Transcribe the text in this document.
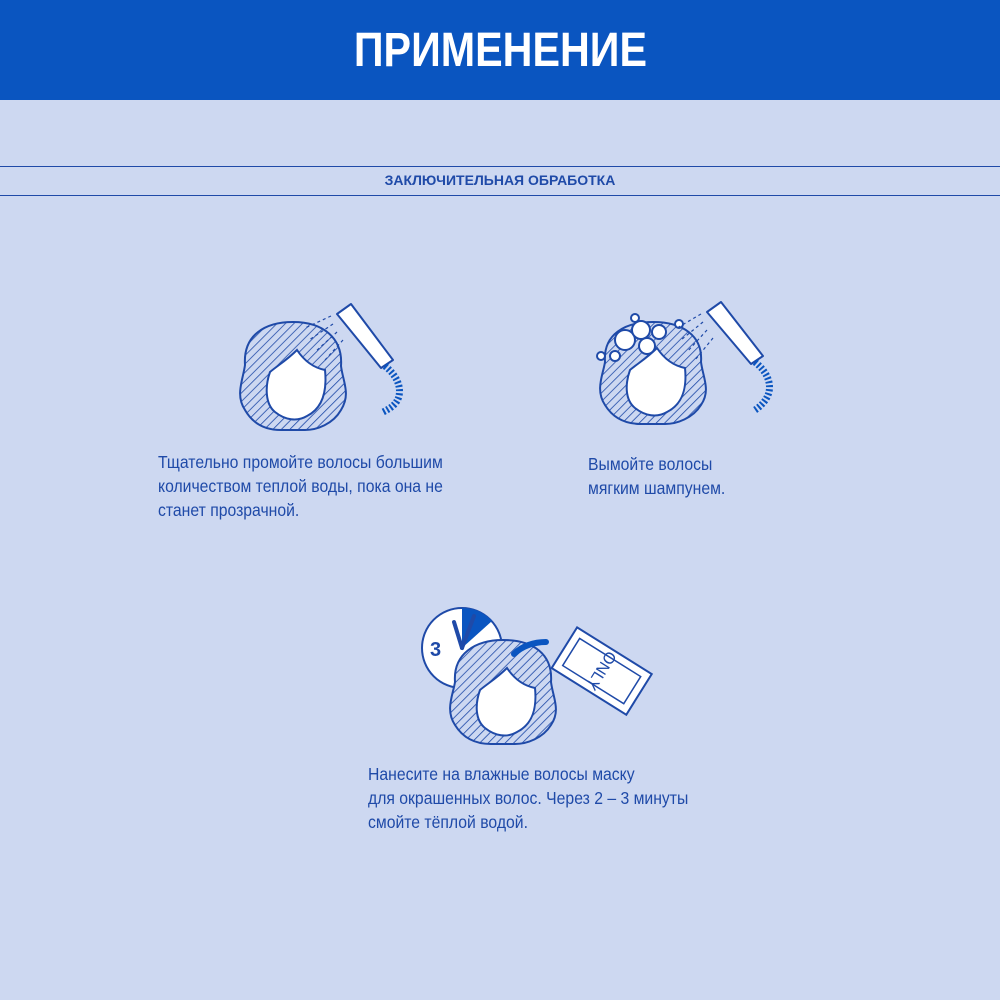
ПРИМЕНЕНИЕ
ЗАКЛЮЧИТЕЛЬНАЯ ОБРАБОТКА
Тщательно промойте волосы большим
количеством теплой воды, пока она не
станет прозрачной.
Вымойте волосы
мягким шампунем.
3	ONLY
Нанесите на влажные волосы маску
для окрашенных волос. Через 2 – 3 минуты
смойте тёплой водой.
